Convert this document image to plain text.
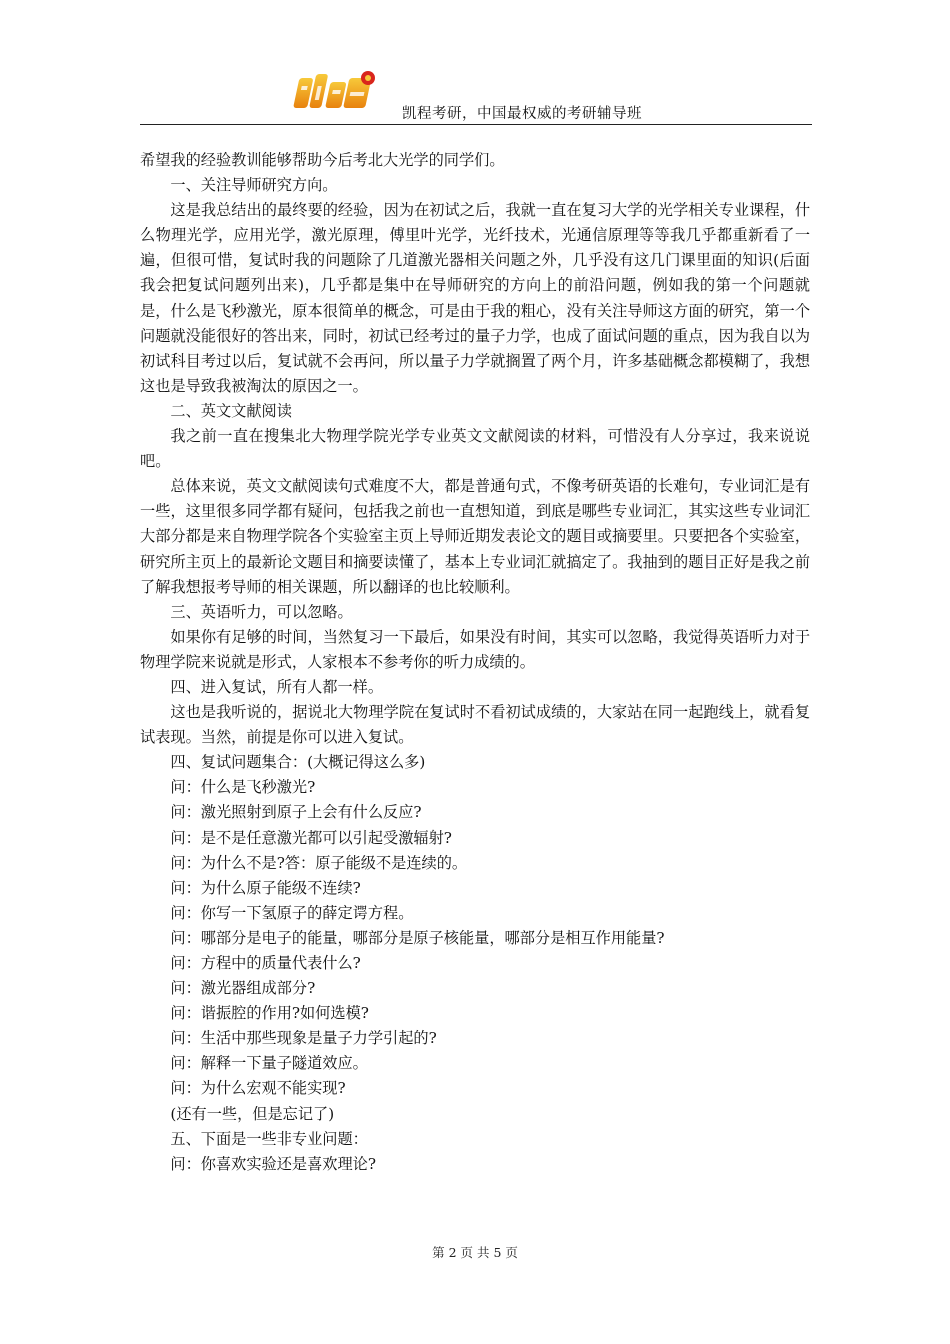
凯程考研，中国最权威的考研辅导班

希望我的经验教训能够帮助今后考北大光学的同学们。

一、关注导师研究方向。

这是我总结出的最终要的经验，因为在初试之后，我就一直在复习大学的光学相关专业课程，什么物理光学，应用光学，激光原理，傅里叶光学，光纤技术，光通信原理等等我几乎都重新看了一遍，但很可惜，复试时我的问题除了几道激光器相关问题之外，几乎没有这几门课里面的知识(后面我会把复试问题列出来)，几乎都是集中在导师研究的方向上的前沿问题，例如我的第一个问题就是，什么是飞秒激光，原本很简单的概念，可是由于我的粗心，没有关注导师这方面的研究，第一个问题就没能很好的答出来，同时，初试已经考过的量子力学，也成了面试问题的重点，因为我自以为初试科目考过以后，复试就不会再问，所以量子力学就搁置了两个月，许多基础概念都模糊了，我想这也是导致我被淘汰的原因之一。

二、英文文献阅读

我之前一直在搜集北大物理学院光学专业英文文献阅读的材料，可惜没有人分享过，我来说说吧。

总体来说，英文文献阅读句式难度不大，都是普通句式，不像考研英语的长难句，专业词汇是有一些，这里很多同学都有疑问，包括我之前也一直想知道，到底是哪些专业词汇，其实这些专业词汇大部分都是来自物理学院各个实验室主页上导师近期发表论文的题目或摘要里。只要把各个实验室，研究所主页上的最新论文题目和摘要读懂了，基本上专业词汇就搞定了。我抽到的题目正好是我之前了解我想报考导师的相关课题，所以翻译的也比较顺利。

三、英语听力，可以忽略。

如果你有足够的时间，当然复习一下最后，如果没有时间，其实可以忽略，我觉得英语听力对于物理学院来说就是形式，人家根本不参考你的听力成绩的。

四、进入复试，所有人都一样。

这也是我听说的，据说北大物理学院在复试时不看初试成绩的，大家站在同一起跑线上，就看复试表现。当然，前提是你可以进入复试。

四、复试问题集合：(大概记得这么多)

问：什么是飞秒激光?

问：激光照射到原子上会有什么反应?

问：是不是任意激光都可以引起受激辐射?

问：为什么不是?答：原子能级不是连续的。

问：为什么原子能级不连续?

问：你写一下氢原子的薛定谔方程。

问：哪部分是电子的能量，哪部分是原子核能量，哪部分是相互作用能量?

问：方程中的质量代表什么?

问：激光器组成部分?

问：谐振腔的作用?如何选模?

问：生活中那些现象是量子力学引起的?

问：解释一下量子隧道效应。

问：为什么宏观不能实现?

(还有一些，但是忘记了)

五、下面是一些非专业问题：

问：你喜欢实验还是喜欢理论?

第 2 页 共 5 页
